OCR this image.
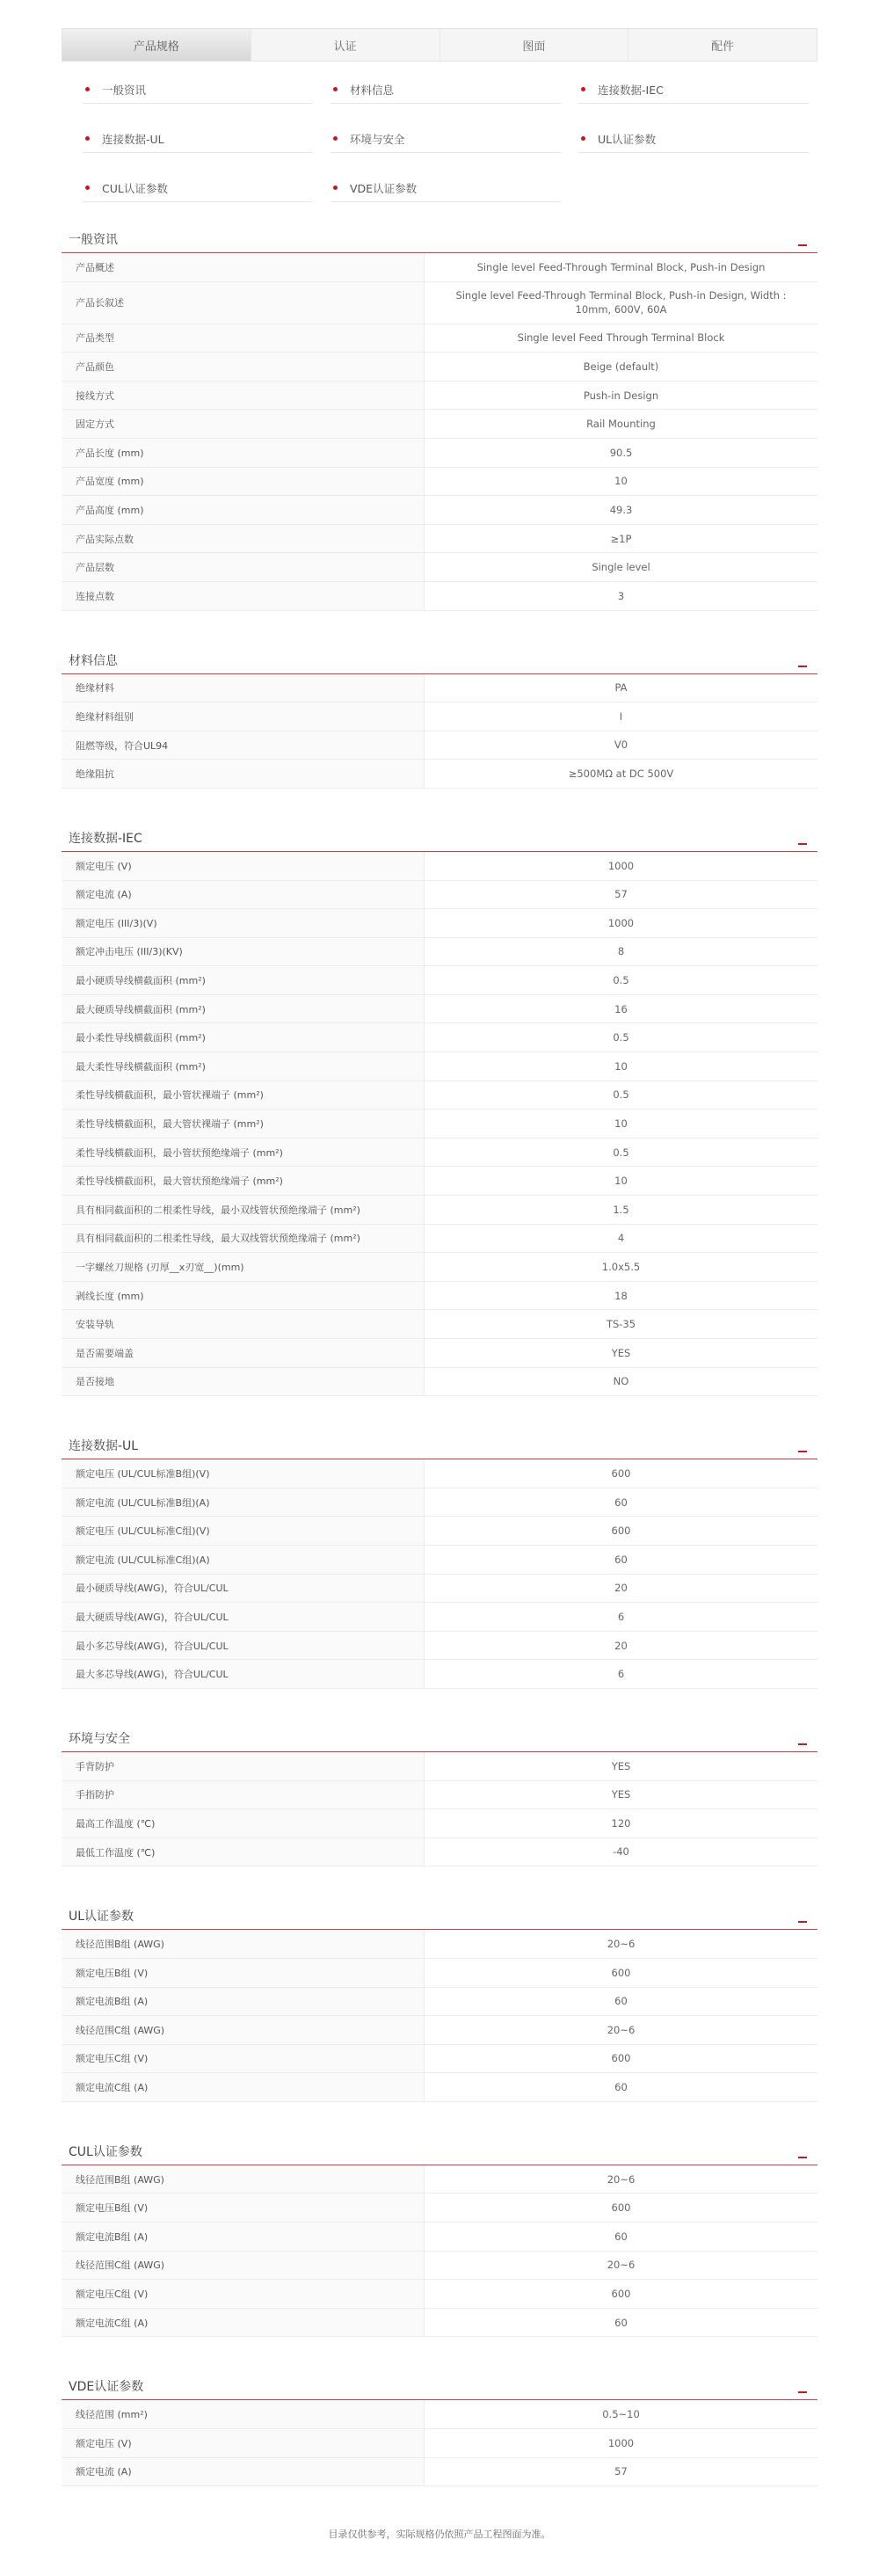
产品规格	认证	图面	配件
一般资讯	材料信息	连接数据-IEC
连接数据-UL	环境与安全	UL认证参数
CUL认证参数	VDE认证参数
一般资讯
产品概述	Single level Feed-Through Terminal Block, Push-in Design
产品长叙述
Single level Feed-Through Terminal Block, Push-in Design, Width : 10mm, 600V, 60A
产品类型	Single level Feed Through Terminal Block
产品颜色	Beige (default)
接线方式	Push-in Design
固定方式	Rail Mounting
产品长度 (mm)	90.5
产品宽度 (mm)	10
产品高度 (mm)	49.3
产品实际点数	≥1P
产品层数	Single level
连接点数	3
材料信息
绝缘材料	PA
绝缘材料组别	I
阻燃等级，符合UL94	V0
绝缘阻抗	≥500MΩ at DC 500V
连接数据-IEC
额定电压 (V)	1000
额定电流 (A)	57
额定电压 (III/3)(V)	1000
额定冲击电压 (III/3)(KV)	8
最小硬质导线横截面积 (mm²)	0.5
最大硬质导线横截面积 (mm²)	16
最小柔性导线横截面积 (mm²)	0.5
最大柔性导线横截面积 (mm²)	10
柔性导线横截面积，最小管状裸端子 (mm²)	0.5
柔性导线横截面积，最大管状裸端子 (mm²)	10
柔性导线横截面积，最小管状预绝缘端子 (mm²)	0.5
柔性导线横截面积，最大管状预绝缘端子 (mm²)	10
具有相同截面积的二根柔性导线，最小双线管状预绝缘端子 (mm²)	1.5
具有相同截面积的二根柔性导线，最大双线管状预绝缘端子 (mm²)	4
一字螺丝刀规格 (刃厚__x刃宽__)(mm)	1.0x5.5
剥线长度 (mm)	18
安装导轨	TS-35
是否需要端盖	YES
是否接地	NO
连接数据-UL
额定电压 (UL/CUL标准B组)(V)	600
额定电流 (UL/CUL标准B组)(A)	60
额定电压 (UL/CUL标准C组)(V)	600
额定电流 (UL/CUL标准C组)(A)	60
最小硬质导线(AWG)，符合UL/CUL	20
最大硬质导线(AWG)，符合UL/CUL	6
最小多芯导线(AWG)，符合UL/CUL	20
最大多芯导线(AWG)，符合UL/CUL	6
环境与安全
手背防护	YES
手指防护	YES
最高工作温度 (℃)	120
最低工作温度 (℃)	-40
UL认证参数
线径范围B组 (AWG)	20~6
额定电压B组 (V)	600
额定电流B组 (A)	60
线径范围C组 (AWG)	20~6
额定电压C组 (V)	600
额定电流C组 (A)	60
CUL认证参数
线径范围B组 (AWG)	20~6
额定电压B组 (V)	600
额定电流B组 (A)	60
线径范围C组 (AWG)	20~6
额定电压C组 (V)	600
额定电流C组 (A)	60
VDE认证参数
线径范围 (mm²)	0.5~10
额定电压 (V)	1000
额定电流 (A)	57
目录仅供参考，实际规格仍依照产品工程图面为准。
